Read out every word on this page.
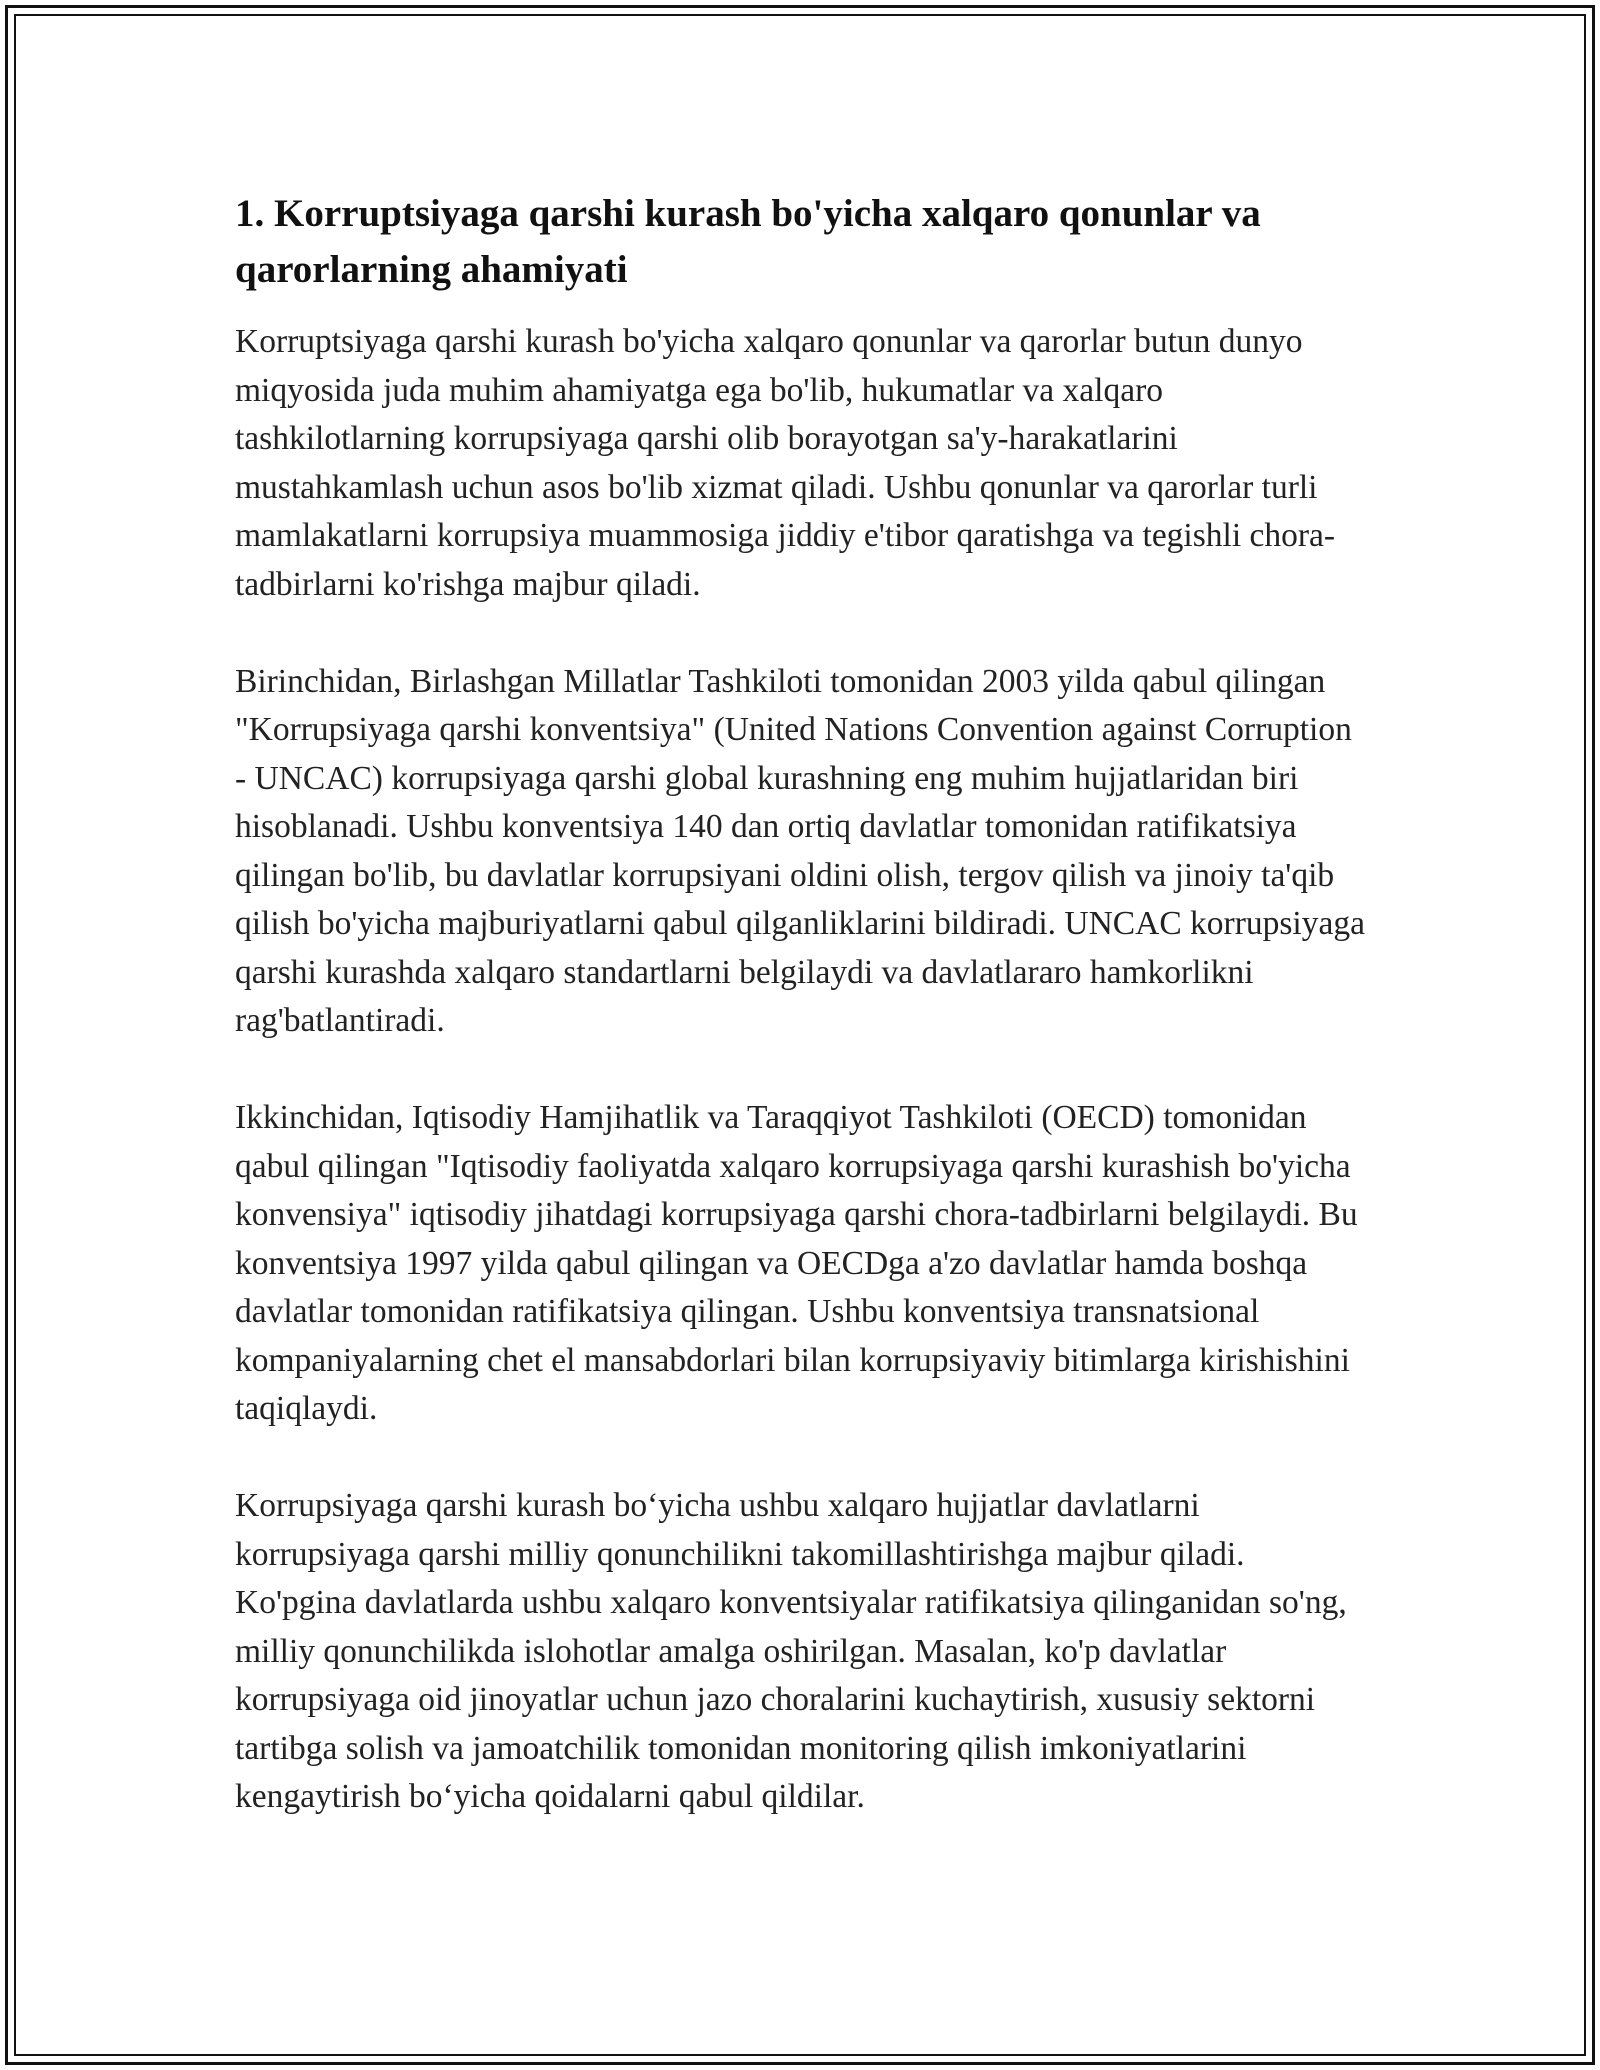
1. Korruptsiyaga qarshi kurash bo'yicha xalqaro qonunlar va qarorlarning ahamiyati

Korruptsiyaga qarshi kurash bo'yicha xalqaro qonunlar va qarorlar butun dunyo miqyosida juda muhim ahamiyatga ega bo'lib, hukumatlar va xalqaro tashkilotlarning korrupsiyaga qarshi olib borayotgan sa'y-harakatlarini mustahkamlash uchun asos bo'lib xizmat qiladi. Ushbu qonunlar va qarorlar turli mamlakatlarni korrupsiya muammosiga jiddiy e'tibor qaratishga va tegishli chora-tadbirlarni ko'rishga majbur qiladi.

Birinchidan, Birlashgan Millatlar Tashkiloti tomonidan 2003 yilda qabul qilingan "Korrupsiyaga qarshi konventsiya" (United Nations Convention against Corruption - UNCAC) korrupsiyaga qarshi global kurashning eng muhim hujjatlaridan biri hisoblanadi. Ushbu konventsiya 140 dan ortiq davlatlar tomonidan ratifikatsiya qilingan bo'lib, bu davlatlar korrupsiyani oldini olish, tergov qilish va jinoiy ta'qib qilish bo'yicha majburiyatlarni qabul qilganliklarini bildiradi. UNCAC korrupsiyaga qarshi kurashda xalqaro standartlarni belgilaydi va davlatlararo hamkorlikni rag'batlantiradi.

Ikkinchidan, Iqtisodiy Hamjihatlik va Taraqqiyot Tashkiloti (OECD) tomonidan qabul qilingan "Iqtisodiy faoliyatda xalqaro korrupsiyaga qarshi kurashish bo'yicha konvensiya" iqtisodiy jihatdagi korrupsiyaga qarshi chora-tadbirlarni belgilaydi. Bu konventsiya 1997 yilda qabul qilingan va OECDga a'zo davlatlar hamda boshqa davlatlar tomonidan ratifikatsiya qilingan. Ushbu konventsiya transnatsional kompaniyalarning chet el mansabdorlari bilan korrupsiyaviy bitimlarga kirishishini taqiqlaydi.

Korrupsiyaga qarshi kurash bo‘yicha ushbu xalqaro hujjatlar davlatlarni korrupsiyaga qarshi milliy qonunchilikni takomillashtirishga majbur qiladi. Ko'pgina davlatlarda ushbu xalqaro konventsiyalar ratifikatsiya qilinganidan so'ng, milliy qonunchilikda islohotlar amalga oshirilgan. Masalan, ko'p davlatlar korrupsiyaga oid jinoyatlar uchun jazo choralarini kuchaytirish, xususiy sektorni tartibga solish va jamoatchilik tomonidan monitoring qilish imkoniyatlarini kengaytirish bo‘yicha qoidalarni qabul qildilar.
